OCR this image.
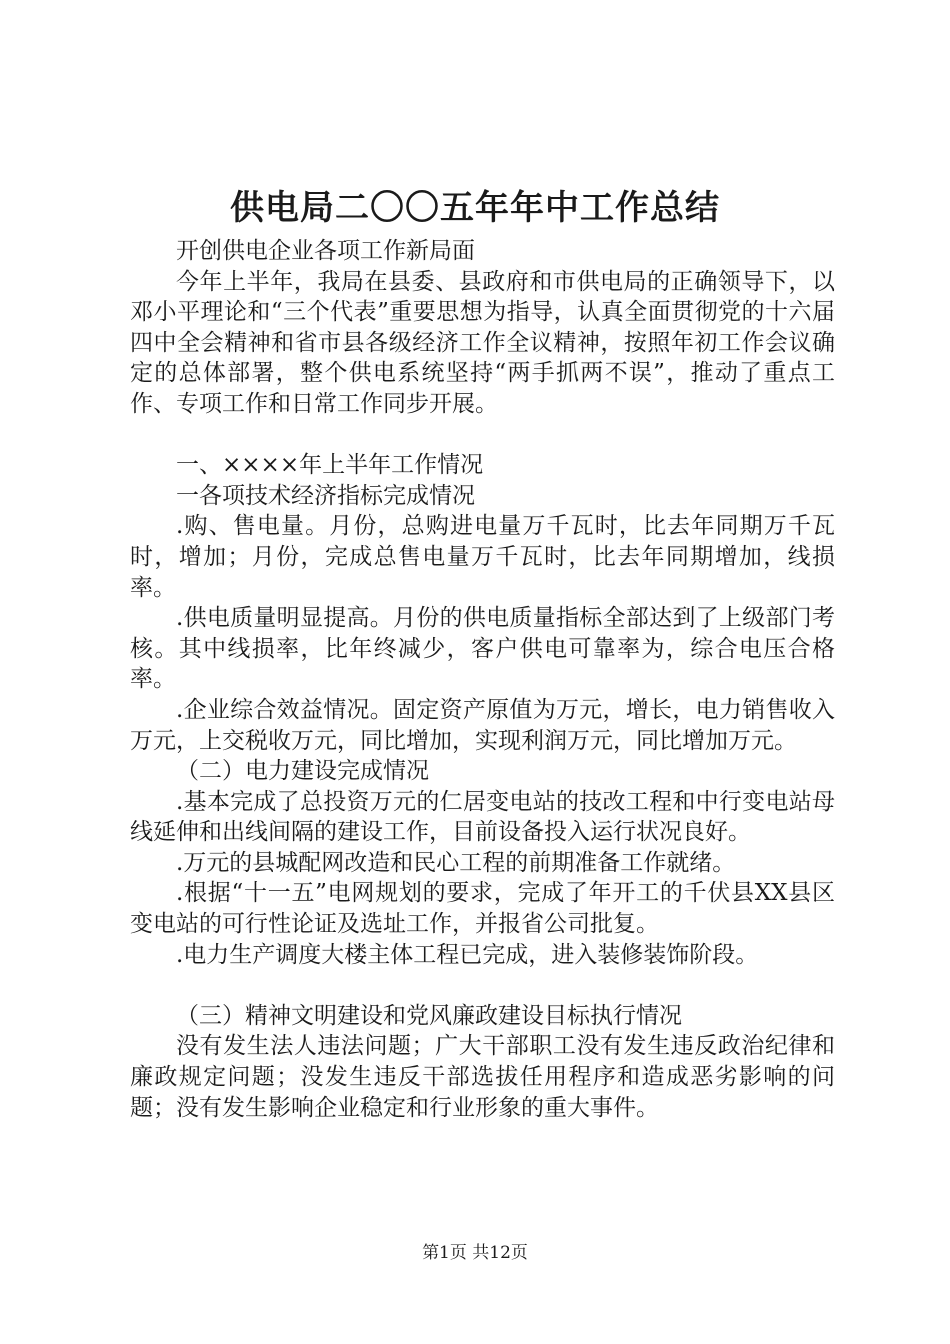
供电局二〇〇五年年中工作总结

开创供电企业各项工作新局面

今年上半年，我局在县委、县政府和市供电局的正确领导下，以邓小平理论和“三个代表”重要思想为指导，认真全面贯彻党的十六届四中全会精神和省市县各级经济工作全议精神，按照年初工作会议确定的总体部署，整个供电系统坚持“两手抓两不误”，推动了重点工作、专项工作和日常工作同步开展。

一、××××年上半年工作情况

一各项技术经济指标完成情况

.购、售电量。月份，总购进电量万千瓦时，比去年同期万千瓦时，增加；月份，完成总售电量万千瓦时，比去年同期增加，线损率。

.供电质量明显提高。月份的供电质量指标全部达到了上级部门考核。其中线损率，比年终减少，客户供电可靠率为，综合电压合格率。

.企业综合效益情况。固定资产原值为万元，增长，电力销售收入万元，上交税收万元，同比增加，实现利润万元，同比增加万元。

（二）电力建设完成情况

.基本完成了总投资万元的仁居变电站的技改工程和中行变电站母线延伸和出线间隔的建设工作，目前设备投入运行状况良好。

.万元的县城配网改造和民心工程的前期准备工作就绪。

.根据“十一五”电网规划的要求，完成了年开工的千伏县XX县区变电站的可行性论证及选址工作，并报省公司批复。

.电力生产调度大楼主体工程已完成，进入装修装饰阶段。

（三）精神文明建设和党风廉政建设目标执行情况

没有发生法人违法问题；广大干部职工没有发生违反政治纪律和廉政规定问题；没发生违反干部选拔任用程序和造成恶劣影响的问题；没有发生影响企业稳定和行业形象的重大事件。

第1页 共12页
